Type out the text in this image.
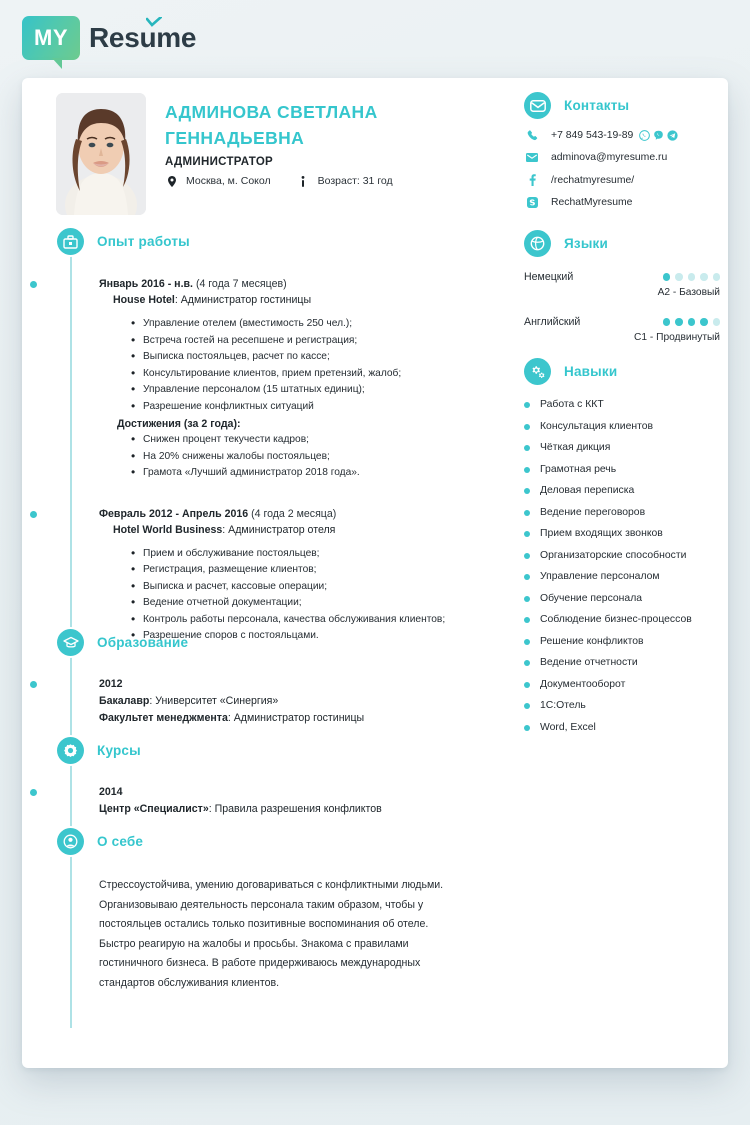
MY Resume
АДМИНОВА СВЕТЛАНА
ГЕННАДЬЕВНА
АДМИНИСТРАТОР
Москва, м. Сокол	Возраст: 31 год
Опыт работы
Январь 2016 - н.в. (4 года 7 месяцев)
House Hotel: Администратор гостиницы
• Управление отелем (вместимость 250 чел.);
• Встреча гостей на ресепшене и регистрация;
• Выписка постояльцев, расчет по кассе;
• Консультирование клиентов, прием претензий, жалоб;
• Управление персоналом (15 штатных единиц);
• Разрешение конфликтных ситуаций
Достижения (за 2 года):
• Снижен процент текучести кадров;
• На 20% снижены жалобы постояльцев;
• Грамота «Лучший администратор 2018 года».
Февраль 2012 - Апрель 2016 (4 года 2 месяца)
Hotel World Business: Администратор отеля
• Прием и обслуживание постояльцев;
• Регистрация, размещение клиентов;
• Выписка и расчет, кассовые операции;
• Ведение отчетной документации;
• Контроль работы персонала, качества обслуживания клиентов;
• Разрешение споров с постояльцами.
Образование
2012
Бакалавр: Университет «Синергия»
Факультет менеджмента: Администратор гостиницы
Курсы
2014
Центр «Специалист»: Правила разрешения конфликтов
О себе
Стрессоустойчива, умению договариваться с конфликтными людьми. Организовываю деятельность персонала таким образом, чтобы у постояльцев остались только позитивные воспоминания об отеле. Быстро реагирую на жалобы и просьбы. Знакома с правилами гостиничного бизнеса. В работе придерживаюсь международных стандартов обслуживания клиентов.
Контакты
+7 849 543-19-89
adminova@myresume.ru
/rechatmyresume/
RechatMyresume
Языки
Немецкий
A2 - Базовый
Английский
C1 - Продвинутый
Навыки
Работа с ККТ
Консультация клиентов
Чёткая дикция
Грамотная речь
Деловая переписка
Ведение переговоров
Прием входящих звонков
Организаторские способности
Управление персоналом
Обучение персонала
Соблюдение бизнес-процессов
Решение конфликтов
Ведение отчетности
Документооборот
1С:Отель
Word, Excel
